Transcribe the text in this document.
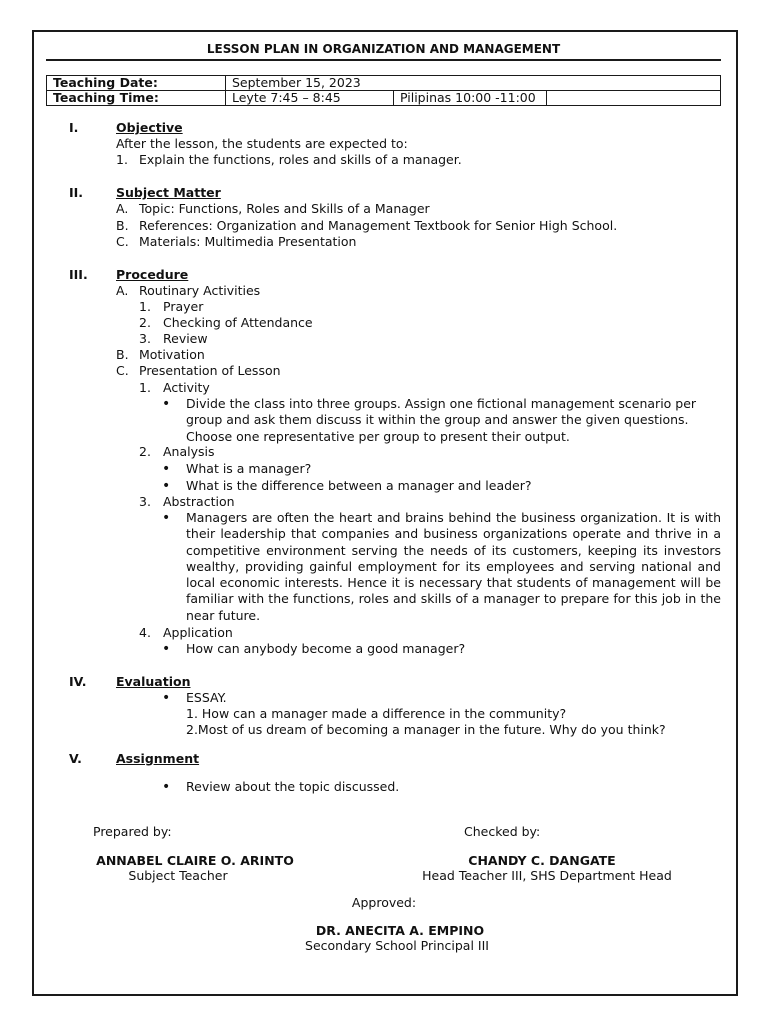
LESSON PLAN IN ORGANIZATION AND MANAGEMENT
Teaching Date:	September 15, 2023		
Teaching Time:	Leyte 7:45 – 8:45	Pilipinas 10:00 -11:00	
I.	Objective
After the lesson, the students are expected to:
1. Explain the functions, roles and skills of a manager.
II.	Subject Matter
A. Topic: Functions, Roles and Skills of a Manager
B. References: Organization and Management Textbook for Senior High School.
C. Materials: Multimedia Presentation
III. Procedure
A. Routinary Activities
1. Prayer
2. Checking of Attendance
3. Review
B. Motivation
C. Presentation of Lesson
1. Activity
• Divide the class into three groups. Assign one fictional management scenario per group and ask them discuss it within the group and answer the given questions. Choose one representative per group to present their output.
2. Analysis
• What is a manager?
• What is the difference between a manager and leader?
3. Abstraction
• Managers are often the heart and brains behind the business organization. It is with their leadership that companies and business organizations operate and thrive in a competitive environment serving the needs of its customers, keeping its investors wealthy, providing gainful employment for its employees and serving national and local economic interests. Hence it is necessary that students of management will be familiar with the functions, roles and skills of a manager to prepare for this job in the near future.
4. Application
• How can anybody become a good manager?
IV. Evaluation
• ESSAY.
1. How can a manager made a difference in the community?
2.Most of us dream of becoming a manager in the future. Why do you think?
V.	Assignment
• Review about the topic discussed.
Prepared by:	Checked by:
ANNABEL CLAIRE O. ARINTO
Subject Teacher
CHANDY C. DANGATE
Head Teacher III, SHS Department Head
Approved:
DR. ANECITA A. EMPINO
Secondary School Principal III
